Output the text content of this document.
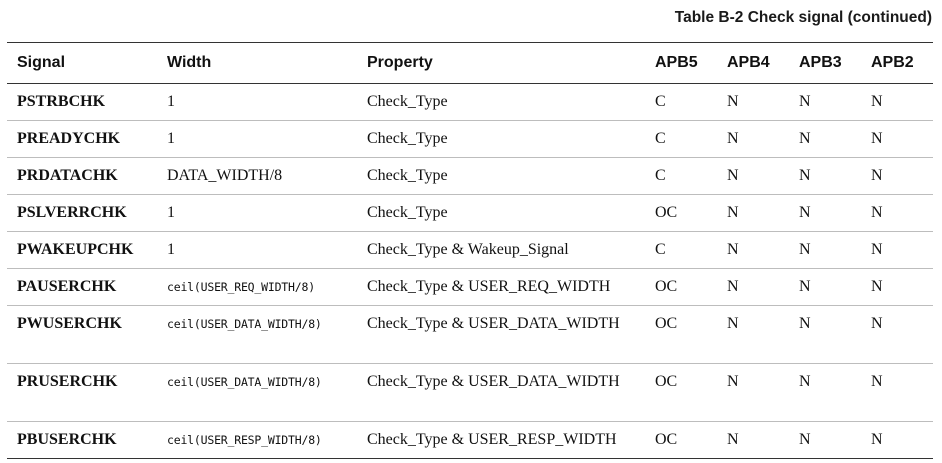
Table B-2 Check signal (continued)
Signal	Width	Property	APB5	APB4	APB3	APB2
PSTRBCHK	1	Check_Type	C	N	N	N
PREADYCHK	1	Check_Type	C	N	N	N
PRDATACHK	DATA_WIDTH/8	Check_Type	C	N	N	N
PSLVERRCHK	1	Check_Type	OC	N	N	N
PWAKEUPCHK	1	Check_Type & Wakeup_Signal	C	N	N	N
PAUSERCHK	ceil(USER_REQ_WIDTH/8)	Check_Type & USER_REQ_WIDTH	OC	N	N	N
PWUSERCHK	ceil(USER_DATA_WIDTH/8)	Check_Type & USER_DATA_WIDTH	OC	N	N	N
PRUSERCHK	ceil(USER_DATA_WIDTH/8)	Check_Type & USER_DATA_WIDTH	OC	N	N	N
PBUSERCHK	ceil(USER_RESP_WIDTH/8)	Check_Type & USER_RESP_WIDTH	OC	N	N	N
